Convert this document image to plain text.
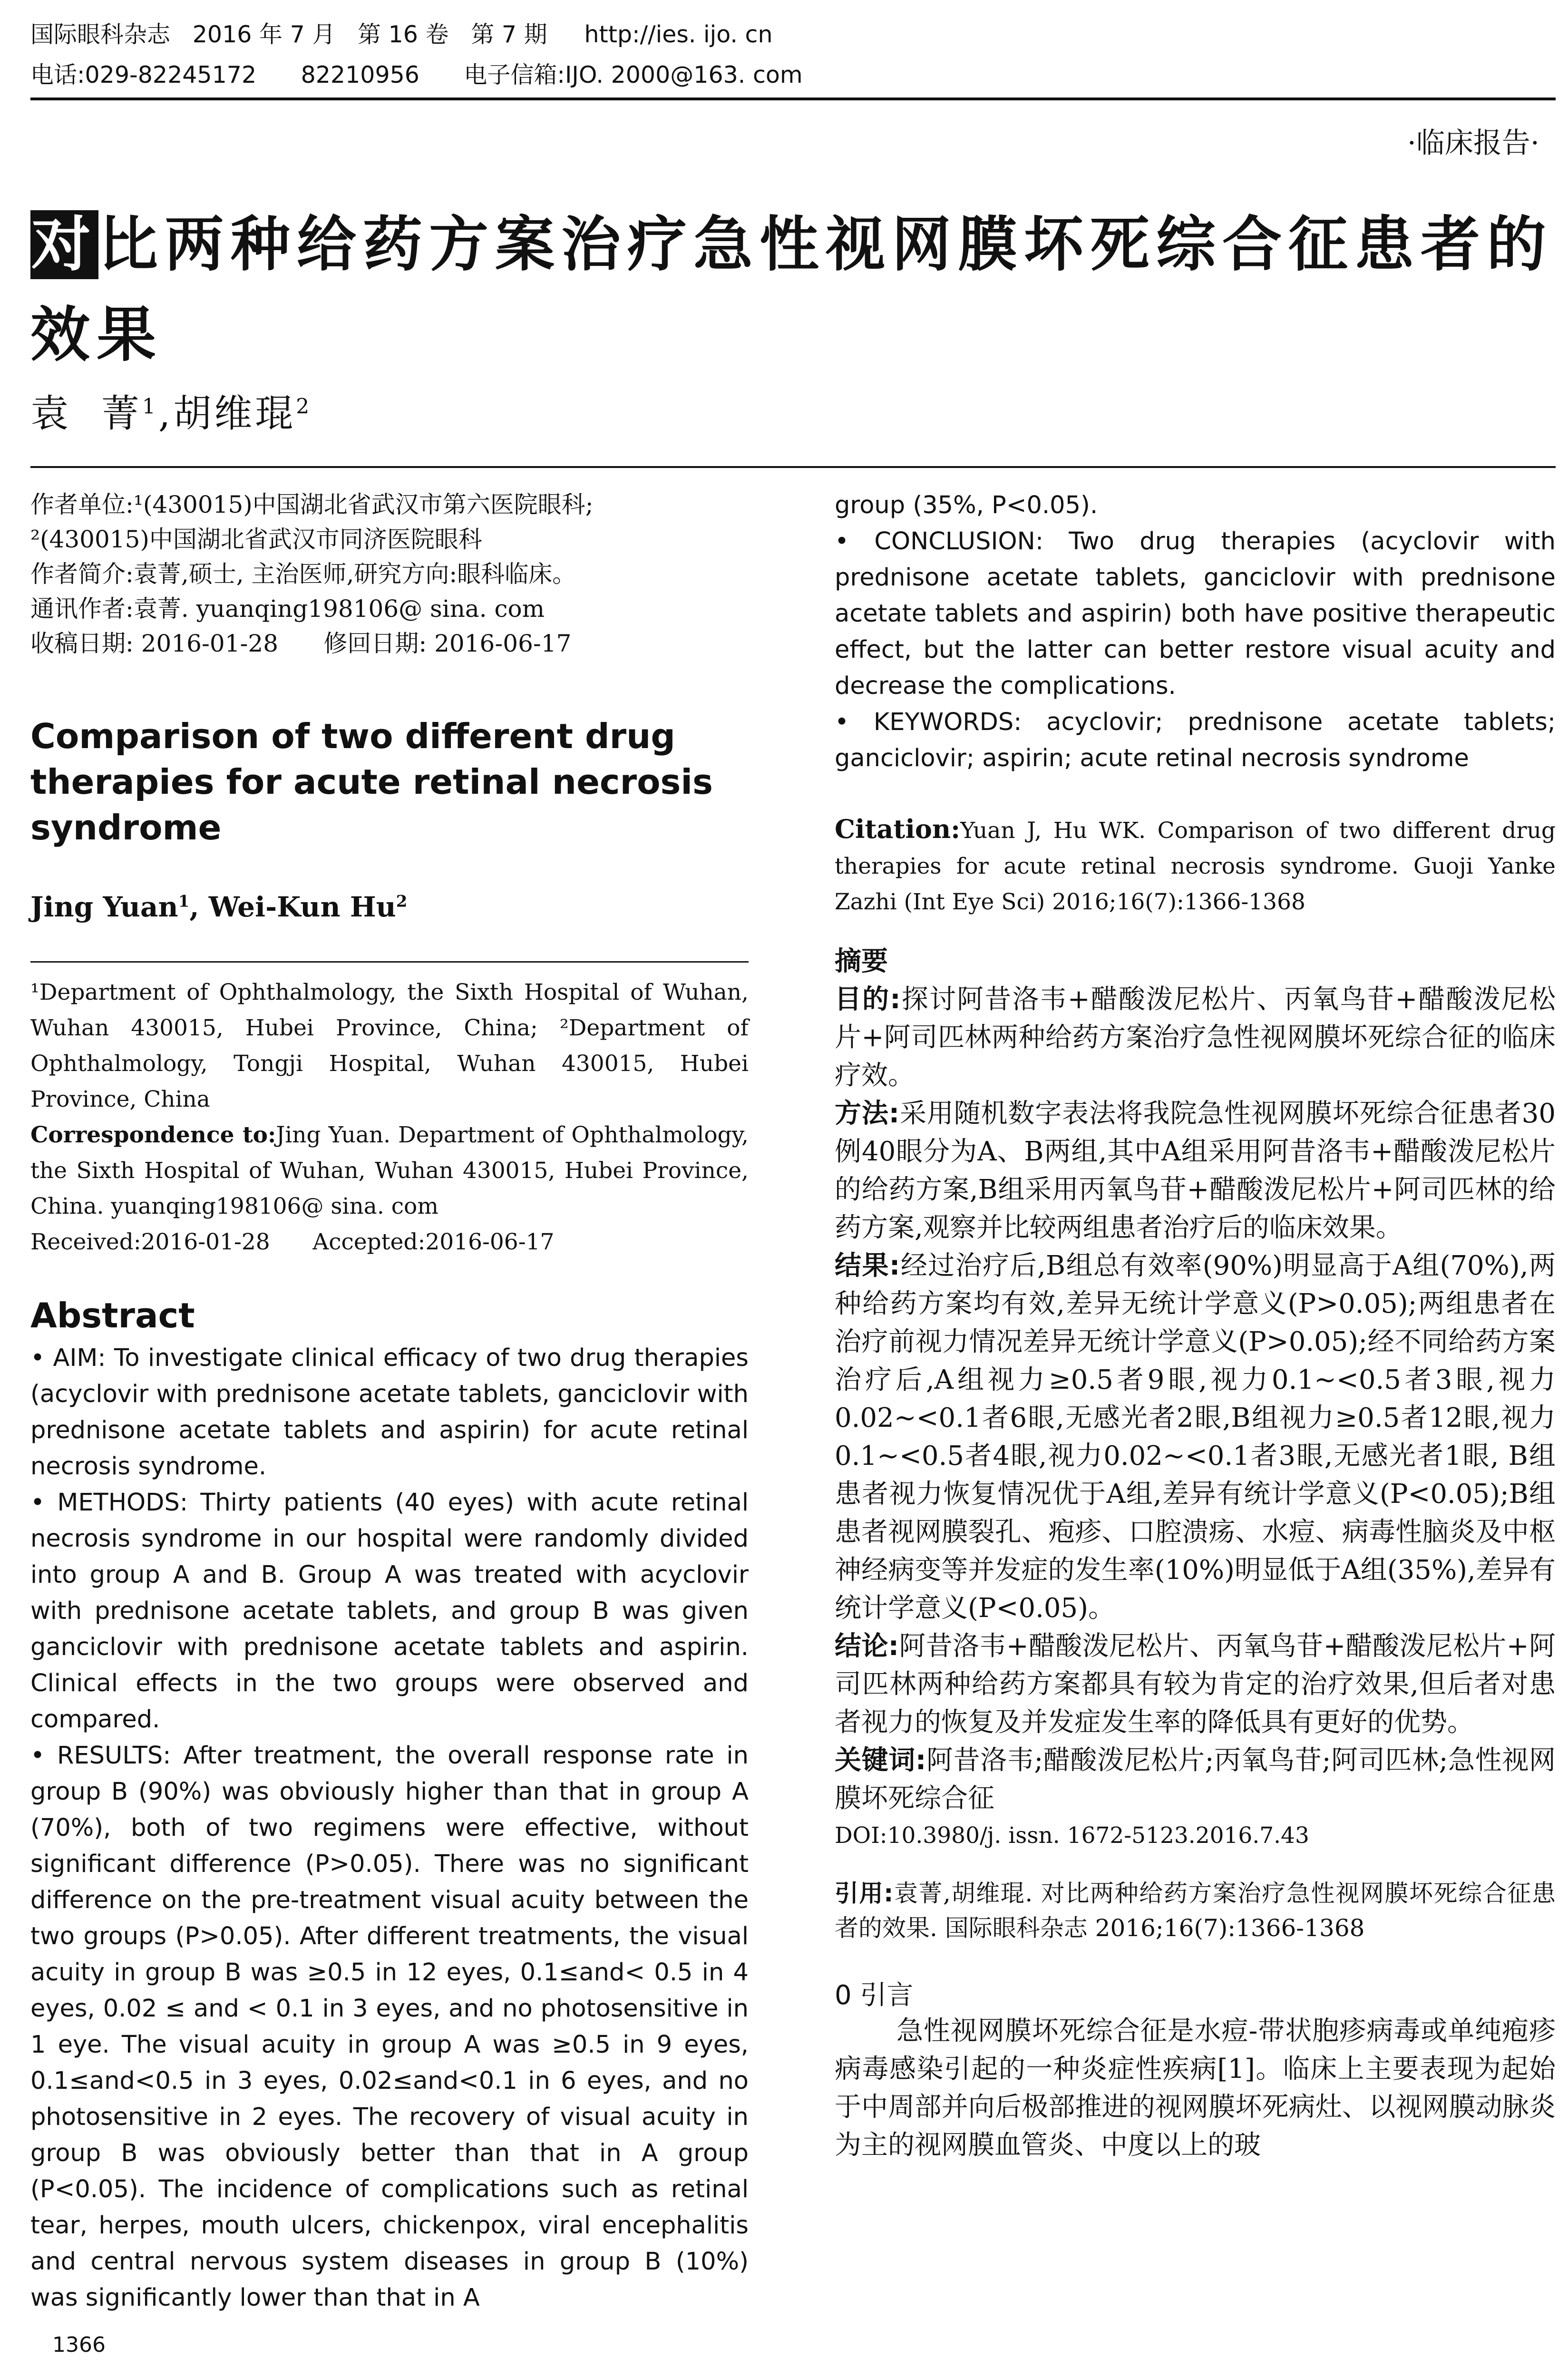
国际眼科杂志   2016 年 7 月   第 16 卷   第 7 期     http://ies. ijo. cn
电话:029-82245172      82210956      电子信箱:IJO. 2000@163. com
·临床报告·
对比两种给药方案治疗急性视网膜坏死综合征患者的效果
袁  菁$^1$,胡维琨$^2$

作者单位:¹(430015)中国湖北省武汉市第六医院眼科;

²(430015)中国湖北省武汉市同济医院眼科

作者简介:袁菁,硕士, 主治医师,研究方向:眼科临床。

通讯作者:袁菁. yuanqing198106@ sina. com

收稿日期: 2016-01-28      修回日期: 2016-06-17

Comparison of two different drug therapies for acute retinal necrosis syndrome
Jing Yuan$^1$, Wei-Kun Hu$^2$

¹Department of Ophthalmology, the Sixth Hospital of Wuhan, Wuhan 430015, Hubei Province, China; ²Department of Ophthalmology, Tongji Hospital, Wuhan 430015, Hubei Province, China

Correspondence to:Jing Yuan. Department of Ophthalmology, the Sixth Hospital of Wuhan, Wuhan 430015, Hubei Province, China. yuanqing198106@ sina. com

Received:2016-01-28      Accepted:2016-06-17

Abstract

• AIM: To investigate clinical efficacy of two drug therapies (acyclovir with prednisone acetate tablets, ganciclovir with prednisone acetate tablets and aspirin) for acute retinal necrosis syndrome.

• METHODS: Thirty patients (40 eyes) with acute retinal necrosis syndrome in our hospital were randomly divided into group A and B. Group A was treated with acyclovir with prednisone acetate tablets, and group B was given ganciclovir with prednisone acetate tablets and aspirin. Clinical effects in the two groups were observed and compared.

• RESULTS: After treatment, the overall response rate in group B (90%) was obviously higher than that in group A (70%), both of two regimens were effective, without significant difference (P>0.05). There was no significant difference on the pre-treatment visual acuity between the two groups (P>0.05). After different treatments, the visual acuity in group B was ≥0.5 in 12 eyes, 0.1≤and< 0.5 in 4 eyes, 0.02 ≤ and < 0.1 in 3 eyes, and no photosensitive in 1 eye. The visual acuity in group A was ≥0.5 in 9 eyes, 0.1≤and<0.5 in 3 eyes, 0.02≤and<0.1 in 6 eyes, and no photosensitive in 2 eyes. The recovery of visual acuity in group B was obviously better than that in A group (P<0.05). The incidence of complications such as retinal tear, herpes, mouth ulcers, chickenpox, viral encephalitis and central nervous system diseases in group B (10%) was significantly lower than that in A

group (35%, P<0.05).

• CONCLUSION: Two drug therapies (acyclovir with prednisone acetate tablets, ganciclovir with prednisone acetate tablets and aspirin) both have positive therapeutic effect, but the latter can better restore visual acuity and decrease the complications.

• KEYWORDS: acyclovir; prednisone acetate tablets; ganciclovir; aspirin; acute retinal necrosis syndrome

Citation:Yuan J, Hu WK. Comparison of two different drug therapies for acute retinal necrosis syndrome. Guoji Yanke Zazhi (Int Eye Sci) 2016;16(7):1366-1368

摘要

目的:探讨阿昔洛韦+醋酸泼尼松片、丙氧鸟苷+醋酸泼尼松片+阿司匹林两种给药方案治疗急性视网膜坏死综合征的临床疗效。

方法:采用随机数字表法将我院急性视网膜坏死综合征患者30例40眼分为A、B两组,其中A组采用阿昔洛韦+醋酸泼尼松片的给药方案,B组采用丙氧鸟苷+醋酸泼尼松片+阿司匹林的给药方案,观察并比较两组患者治疗后的临床效果。

结果:经过治疗后,B组总有效率(90%)明显高于A组(70%),两种给药方案均有效,差异无统计学意义(P>0.05);两组患者在治疗前视力情况差异无统计学意义(P>0.05);经不同给药方案治疗后,A组视力≥0.5者9眼,视力0.1~<0.5者3眼,视力0.02~<0.1者6眼,无感光者2眼,B组视力≥0.5者12眼,视力0.1~<0.5者4眼,视力0.02~<0.1者3眼,无感光者1眼, B组患者视力恢复情况优于A组,差异有统计学意义(P<0.05);B组患者视网膜裂孔、疱疹、口腔溃疡、水痘、病毒性脑炎及中枢神经病变等并发症的发生率(10%)明显低于A组(35%),差异有统计学意义(P<0.05)。

结论:阿昔洛韦+醋酸泼尼松片、丙氧鸟苷+醋酸泼尼松片+阿司匹林两种给药方案都具有较为肯定的治疗效果,但后者对患者视力的恢复及并发症发生率的降低具有更好的优势。

关键词:阿昔洛韦;醋酸泼尼松片;丙氧鸟苷;阿司匹林;急性视网膜坏死综合征

DOI:10.3980/j. issn. 1672-5123.2016.7.43

引用:袁菁,胡维琨. 对比两种给药方案治疗急性视网膜坏死综合征患者的效果. 国际眼科杂志 2016;16(7):1366-1368

0 引言

急性视网膜坏死综合征是水痘-带状胞疹病毒或单纯疱疹病毒感染引起的一种炎症性疾病[1]。临床上主要表现为起始于中周部并向后极部推进的视网膜坏死病灶、以视网膜动脉炎为主的视网膜血管炎、中度以上的玻

1366
